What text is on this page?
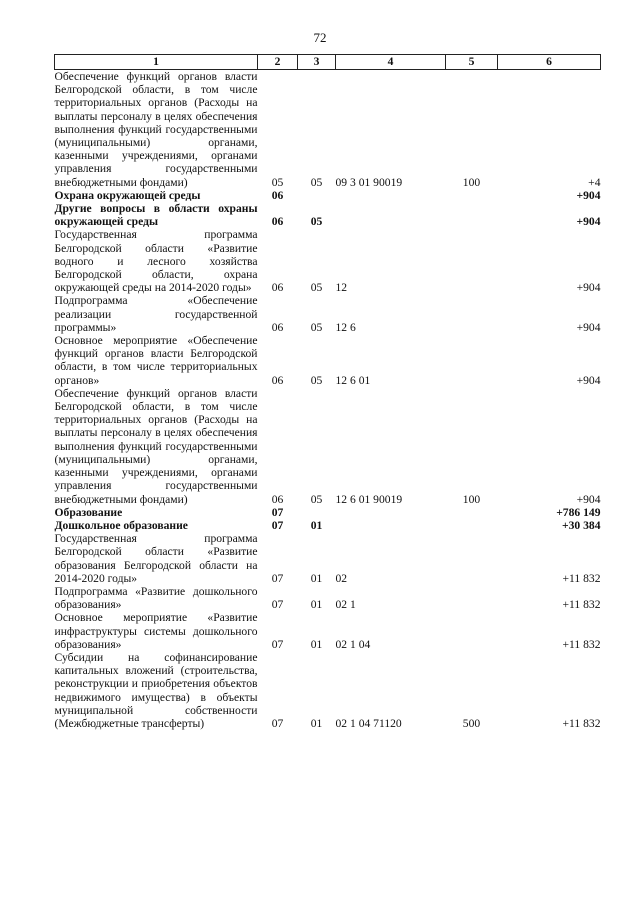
72
1	2	3	4	5	6
Обеспечение функций органов власти Белгородской области, в том числе территориальных органов (Расходы на выплаты персоналу в целях обеспечения выполнения функций государственными (муниципальными) органами, казенными учреждениями, органами управления государственными внебюджетными фондами)	05	05	09 3 01 90019	100	+4
Охрана окружающей среды	06				+904
Другие вопросы в области охраны окружающей среды	06	05			+904
Государственная программа Белгородской области «Развитие водного и лесного хозяйства Белгородской области, охрана окружающей среды на 2014-2020 годы»	06	05	12		+904
Подпрограмма «Обеспечение реализации государственной программы»	06	05	12 6		+904
Основное мероприятие «Обеспечение функций органов власти Белгородской области, в том числе территориальных органов»	06	05	12 6 01		+904
Обеспечение функций органов власти Белгородской области, в том числе территориальных органов (Расходы на выплаты персоналу в целях обеспечения выполнения функций государственными (муниципальными) органами, казенными учреждениями, органами управления государственными внебюджетными фондами)	06	05	12 6 01 90019	100	+904
Образование	07				+786 149
Дошкольное образование	07	01			+30 384
Государственная программа Белгородской области «Развитие образования Белгородской области на 2014-2020 годы»	07	01	02		+11 832
Подпрограмма «Развитие дошкольного образования»	07	01	02 1		+11 832
Основное мероприятие «Развитие инфраструктуры системы дошкольного образования»	07	01	02 1 04		+11 832
Субсидии на софинансирование капитальных вложений (строительства, реконструкции и приобретения объектов недвижимого имущества) в объекты муниципальной собственности (Межбюджетные трансферты)	07	01	02 1 04 71120	500	+11 832
